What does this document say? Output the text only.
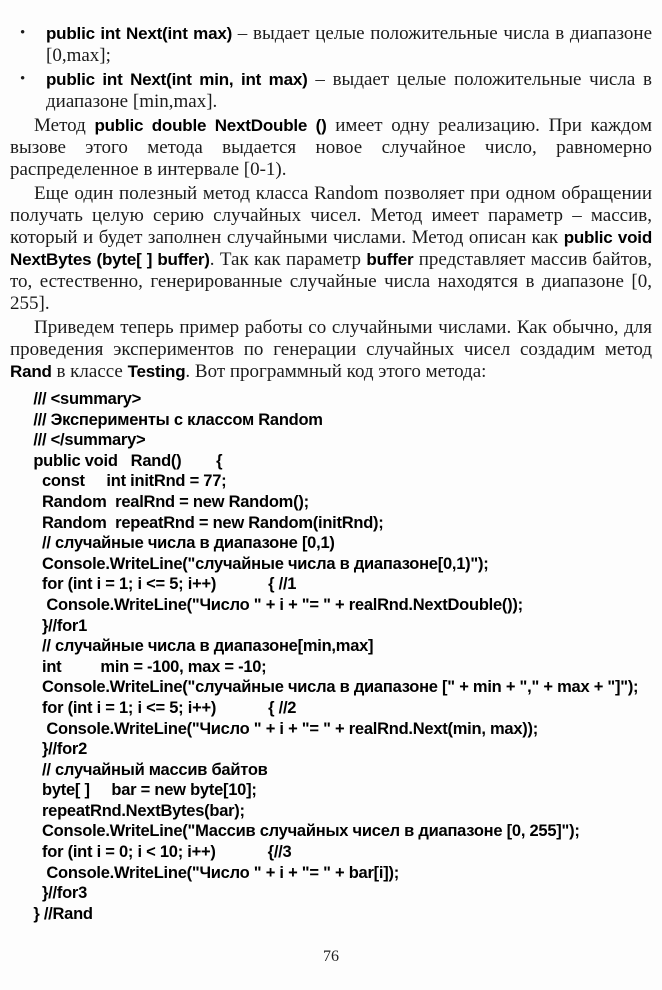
• public int Next(int max) – выдает целые положительные числа в диапазоне [0,max];
• public int Next(int min, int max) – выдает целые положительные числа в диапазоне [min,max].

Метод public double NextDouble () имеет одну реализацию. При каждом вызове этого метода выдается новое случайное число, равномерно распределенное в интервале [0-1).

Еще один полезный метод класса Random позволяет при одном обращении получать целую серию случайных чисел. Метод имеет параметр – массив, который и будет заполнен случайными числами. Метод описан как public void NextBytes (byte[ ] buffer). Так как параметр buffer представляет массив байтов, то, естественно, генерированные случайные числа находятся в диапазоне [0, 255].

Приведем теперь пример работы со случайными числами. Как обычно, для проведения экспериментов по генерации случайных чисел создадим метод Rand в классе Testing. Вот программный код этого метода:

/// <summary>
/// Эксперименты с классом Random
/// </summary>
public void   Rand()        {
const     int initRnd = 77;
Random  realRnd = new Random();
Random  repeatRnd = new Random(initRnd);
// случайные числа в диапазоне [0,1)
Console.WriteLine("случайные числа в диапазоне[0,1)");
for (int i = 1; i <= 5; i++)            { //1
Console.WriteLine("Число " + i + "= " + realRnd.NextDouble());
}//for1
// случайные числа в диапазоне[min,max]
int         min = -100, max = -10;
Console.WriteLine("случайные числа в диапазоне [" + min + "," + max + "]");
for (int i = 1; i <= 5; i++)            { //2
Console.WriteLine("Число " + i + "= " + realRnd.Next(min, max));
}//for2
// случайный массив байтов
byte[ ]     bar = new byte[10];
repeatRnd.NextBytes(bar);
Console.WriteLine("Массив случайных чисел в диапазоне [0, 255]");
for (int i = 0; i < 10; i++)            {//3
Console.WriteLine("Число " + i + "= " + bar[i]);
}//for3
} //Rand
76
